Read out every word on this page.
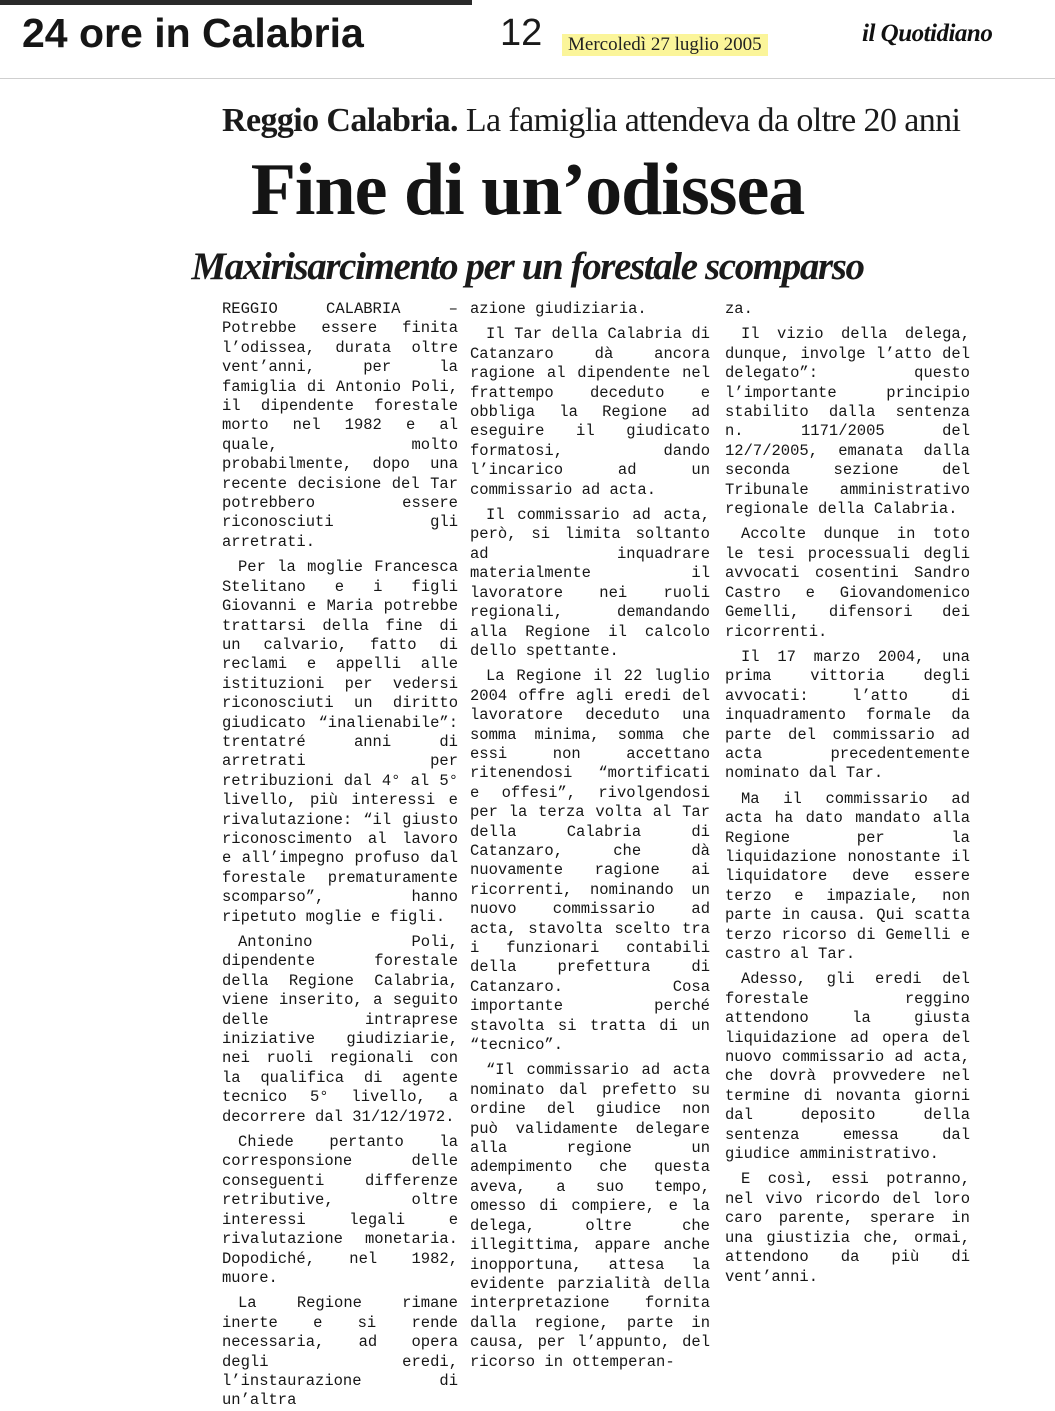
24 ore in Calabria	12	Mercoledì 27 luglio 2005	il Quotidiano
Reggio Calabria. La famiglia attendeva da oltre 20 anni
Fine di un’odissea
Maxirisarcimento per un forestale scomparso

REGGIO CALABRIA – Potrebbe essere finita l’odissea, durata oltre vent’anni, per la famiglia di Antonio Poli, il dipendente forestale morto nel 1982 e al quale, molto probabilmente, dopo una recente decisione del Tar potrebbero essere riconosciuti gli arretrati.

Per la moglie Francesca Stelitano e i figli Giovanni e Maria potrebbe trattarsi della fine di un calvario, fatto di reclami e appelli alle istituzioni per vedersi riconosciuti un diritto giudicato “inalienabile”: trentatré anni di arretrati per retribuzioni dal 4° al 5° livello, più interessi e rivalutazione: “il giusto riconoscimento al lavoro e all’impegno profuso dal forestale prematuramente scomparso”, hanno ripetuto moglie e figli.

Antonino Poli, dipendente forestale della Regione Calabria, viene inserito, a seguito delle intraprese iniziative giudiziarie, nei ruoli regionali con la qualifica di agente tecnico 5° livello, a decorrere dal 31/12/1972.

Chiede pertanto la corresponsione delle conseguenti differenze retributive, oltre interessi legali e rivalutazione monetaria. Dopodiché, nel 1982, muore.

La Regione rimane inerte e si rende necessaria, ad opera degli eredi, l’instaurazione di un’altra

azione giudiziaria.

Il Tar della Calabria di Catanzaro dà ancora ragione al dipendente nel frattempo deceduto e obbliga la Regione ad eseguire il giudicato formatosi, dando l’incarico ad un commissario ad acta.

Il commissario ad acta, però, si limita soltanto ad inquadrare materialmente il lavoratore nei ruoli regionali, demandando alla Regione il calcolo dello spettante.

La Regione il 22 luglio 2004 offre agli eredi del lavoratore deceduto una somma minima, somma che essi non accettano ritenendosi “mortificati e offesi”, rivolgendosi per la terza volta al Tar della Calabria di Catanzaro, che dà nuovamente ragione ai ricorrenti, nominando un nuovo commissario ad acta, stavolta scelto tra i funzionari contabili della prefettura di Catanzaro. Cosa importante perché stavolta si tratta di un “tecnico”.

“Il commissario ad acta nominato dal prefetto su ordine del giudice non può validamente delegare alla regione un adempimento che questa aveva, a suo tempo, omesso di compiere, e la delega, oltre che illegittima, appare anche inopportuna, attesa la evidente parzialità della interpretazione fornita dalla regione, parte in causa, per l’appunto, del ricorso in ottemperan-

za.

Il vizio della delega, dunque, involge l’atto del delegato”: questo l’importante principio stabilito dalla sentenza n. 1171/2005 del 12/7/2005, emanata dalla seconda sezione del Tribunale amministrativo regionale della Calabria.

Accolte dunque in toto le tesi processuali degli avvocati cosentini Sandro Castro e Giovandomenico Gemelli, difensori dei ricorrenti.

Il 17 marzo 2004, una prima vittoria degli avvocati: l’atto di inquadramento formale da parte del commissario ad acta precedentemente nominato dal Tar.

Ma il commissario ad acta ha dato mandato alla Regione per la liquidazione nonostante il liquidatore deve essere terzo e impaziale, non parte in causa. Qui scatta terzo ricorso di Gemelli e castro al Tar.

Adesso, gli eredi del forestale reggino attendono la giusta liquidazione ad opera del nuovo commissario ad acta, che dovrà provvedere nel termine di novanta giorni dal deposito della sentenza emessa dal giudice amministrativo.

E così, essi potranno, nel vivo ricordo del loro caro parente, sperare in una giustizia che, ormai, attendono da più di vent’anni.
